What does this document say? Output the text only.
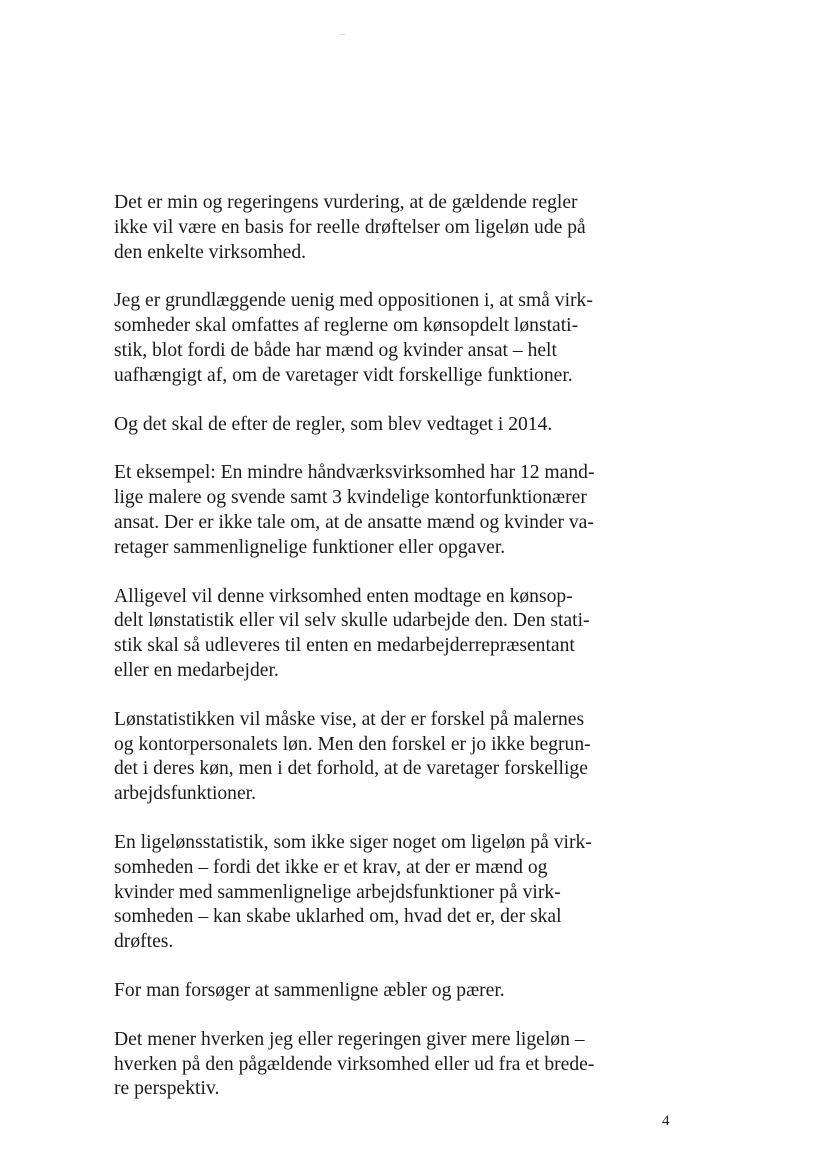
Det er min og regeringens vurdering, at de gældende regler
ikke vil være en basis for reelle drøftelser om ligeløn ude på
den enkelte virksomhed.

Jeg er grundlæggende uenig med oppositionen i, at små virk-
somheder skal omfattes af reglerne om kønsopdelt lønstati-
stik, blot fordi de både har mænd og kvinder ansat – helt
uafhængigt af, om de varetager vidt forskellige funktioner.

Og det skal de efter de regler, som blev vedtaget i 2014.

Et eksempel: En mindre håndværksvirksomhed har 12 mand-
lige malere og svende samt 3 kvindelige kontorfunktionærer
ansat. Der er ikke tale om, at de ansatte mænd og kvinder va-
retager sammenlignelige funktioner eller opgaver.

Alligevel vil denne virksomhed enten modtage en kønsop-
delt lønstatistik eller vil selv skulle udarbejde den. Den stati-
stik skal så udleveres til enten en medarbejderrepræsentant
eller en medarbejder.

Lønstatistikken vil måske vise, at der er forskel på malernes
og kontorpersonalets løn. Men den forskel er jo ikke begrun-
det i deres køn, men i det forhold, at de varetager forskellige
arbejdsfunktioner.

En ligelønsstatistik, som ikke siger noget om ligeløn på virk-
somheden – fordi det ikke er et krav, at der er mænd og
kvinder med sammenlignelige arbejdsfunktioner på virk-
somheden – kan skabe uklarhed om, hvad det er, der skal
drøftes.

For man forsøger at sammenligne æbler og pærer.

Det mener hverken jeg eller regeringen giver mere ligeløn –
hverken på den pågældende virksomhed eller ud fra et brede-
re perspektiv.

4
